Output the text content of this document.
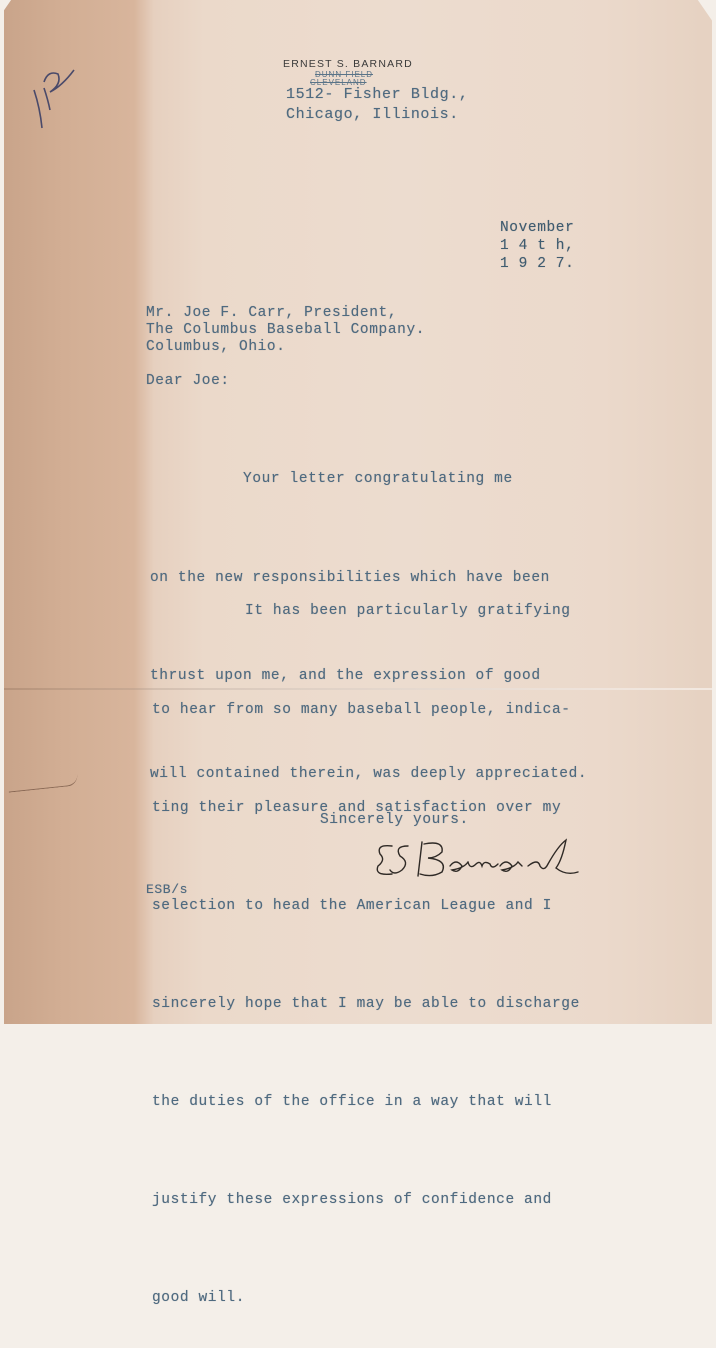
112	ERNEST S. BARNARD
DUNN FIELD
CLEVELAND
1512- Fisher Bldg.,
Chicago, Illinois.
November
1 4 t h,
1 9 2 7.
Mr. Joe F. Carr, President,
The Columbus Baseball Company.
Columbus, Ohio.
Dear Joe:

Your letter congratulating me

on the new responsibilities which have been

thrust upon me, and the expression of good

will contained therein, was deeply appreciated.

It has been particularly gratifying

to hear from so many baseball people, indica-

ting their pleasure and satisfaction over my

selection to head the American League and I

sincerely hope that I may be able to discharge

the duties of the office in a way that will

justify these expressions of confidence and

good will.

Sincerely yours.
E S Barnard
ESB/s
